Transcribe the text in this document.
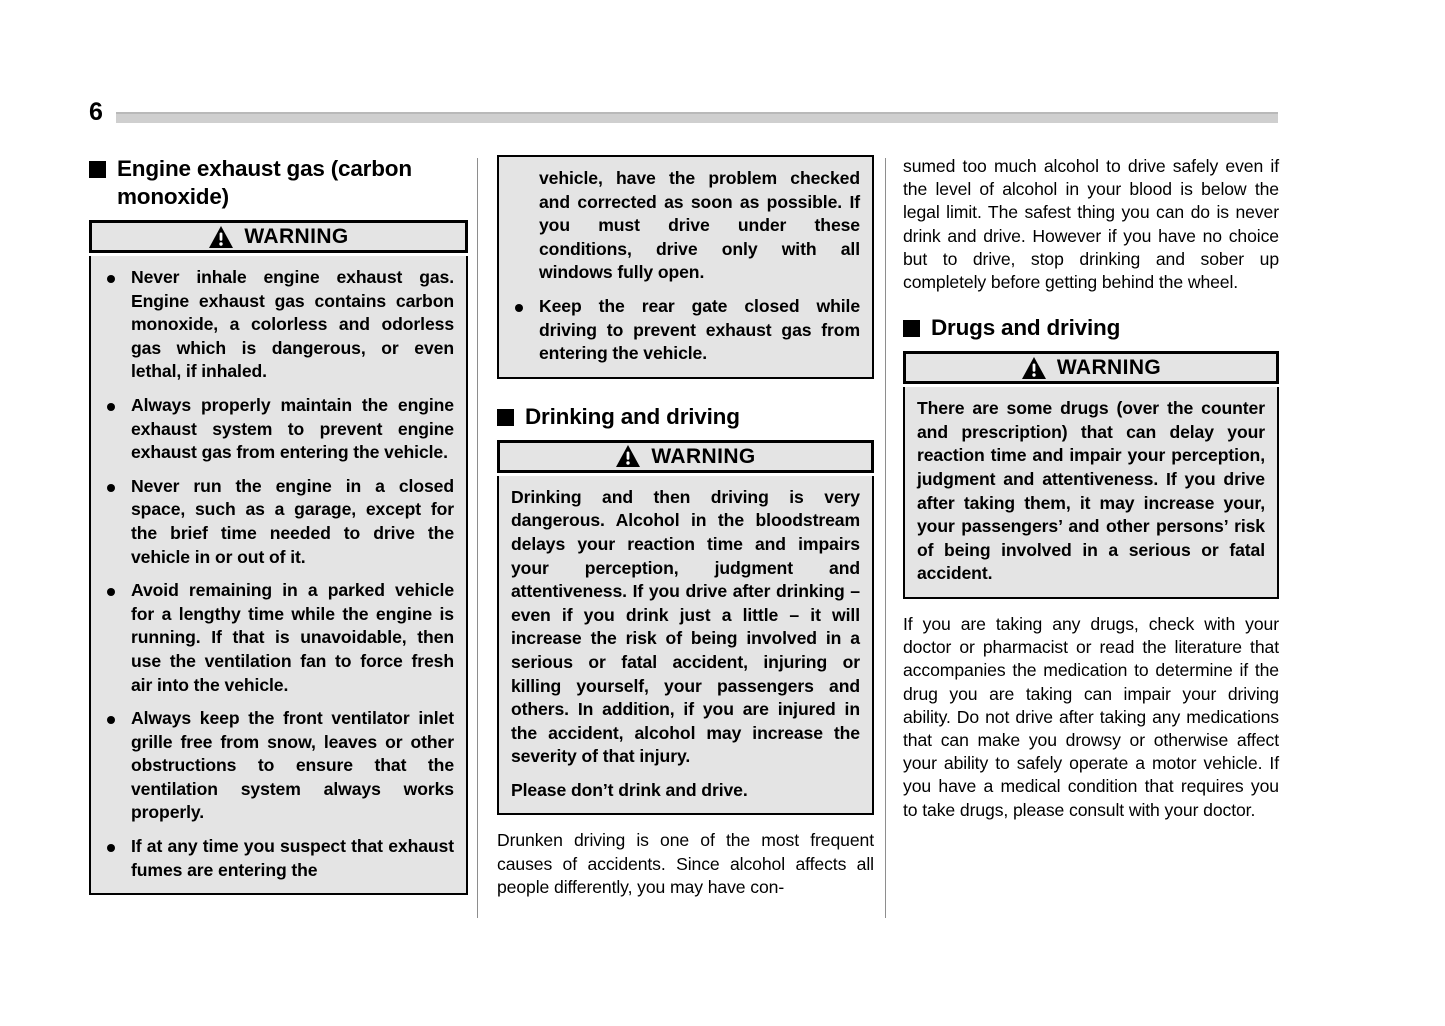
6
Engine exhaust gas (carbon monoxide)
WARNING
Never inhale engine exhaust gas. Engine exhaust gas contains carbon monoxide, a colorless and odorless gas which is dangerous, or even lethal, if inhaled.
Always properly maintain the engine exhaust system to prevent engine exhaust gas from entering the vehicle.
Never run the engine in a closed space, such as a garage, except for the brief time needed to drive the vehicle in or out of it.
Avoid remaining in a parked vehicle for a lengthy time while the engine is running. If that is unavoidable, then use the ventilation fan to force fresh air into the vehicle.
Always keep the front ventilator inlet grille free from snow, leaves or other obstructions to ensure that the ventilation system always works properly.
If at any time you suspect that exhaust fumes are entering the
vehicle, have the problem checked and corrected as soon as possible. If you must drive under these conditions, drive only with all windows fully open.
Keep the rear gate closed while driving to prevent exhaust gas from entering the vehicle.
Drinking and driving
WARNING
Drinking and then driving is very dangerous. Alcohol in the bloodstream delays your reaction time and impairs your perception, judgment and attentiveness. If you drive after drinking – even if you drink just a little – it will increase the risk of being involved in a serious or fatal accident, injuring or killing yourself, your passengers and others. In addition, if you are injured in the accident, alcohol may increase the severity of that injury.
Please don’t drink and drive.

Drunken driving is one of the most frequent causes of accidents. Since alcohol affects all people differently, you may have con-

sumed too much alcohol to drive safely even if the level of alcohol in your blood is below the legal limit. The safest thing you can do is never drink and drive. However if you have no choice but to drive, stop drinking and sober up completely before getting behind the wheel.

Drugs and driving
WARNING
There are some drugs (over the counter and prescription) that can delay your reaction time and impair your perception, judgment and attentiveness. If you drive after taking them, it may increase your, your passengers’ and other persons’ risk of being involved in a serious or fatal accident.

If you are taking any drugs, check with your doctor or pharmacist or read the literature that accompanies the medication to determine if the drug you are taking can impair your driving ability. Do not drive after taking any medications that can make you drowsy or otherwise affect your ability to safely operate a motor vehicle. If you have a medical condition that requires you to take drugs, please consult with your doctor.
